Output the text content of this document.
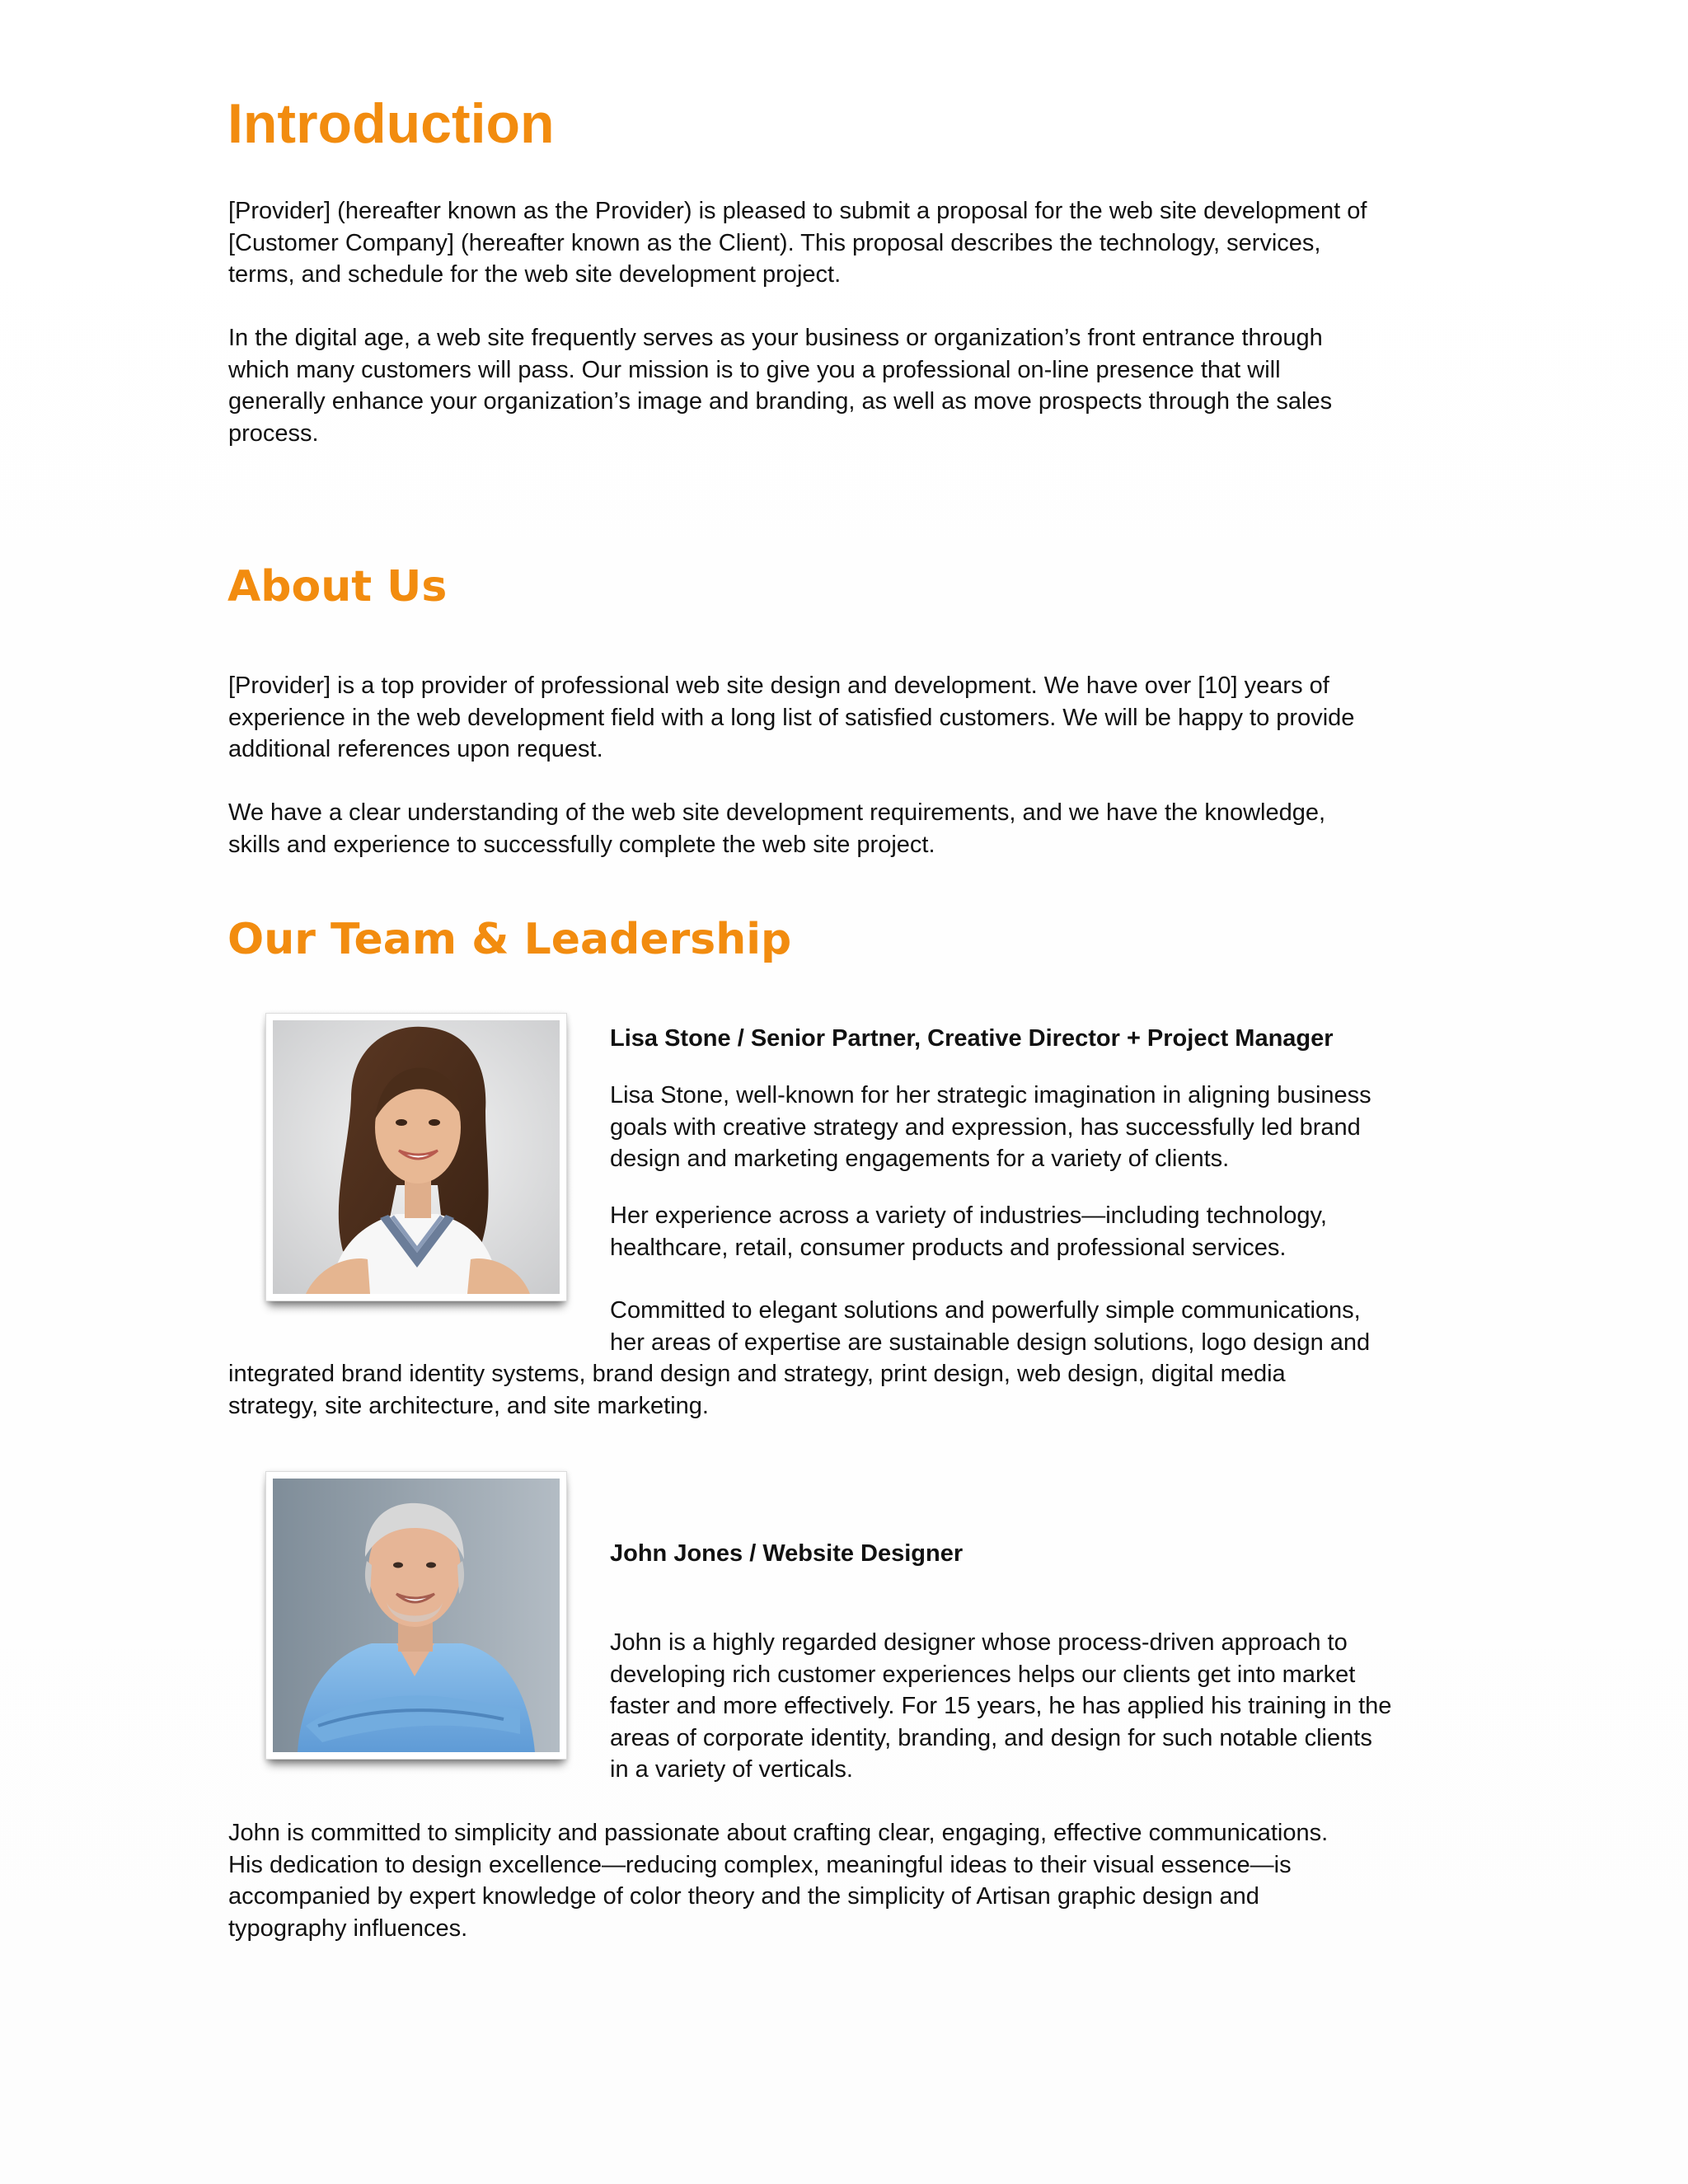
Introduction
[Provider] (hereafter known as the Provider) is pleased to submit a proposal for the web site development of
[Customer Company] (hereafter known as the Client). This proposal describes the technology, services,
terms, and schedule for the web site development project.
In the digital age, a web site frequently serves as your business or organization’s front entrance through
which many customers will pass. Our mission is to give you a professional on-line presence that will
generally enhance your organization’s image and branding, as well as move prospects through the sales
process.
About Us
[Provider] is a top provider of professional web site design and development. We have over [10] years of
experience in the web development field with a long list of satisfied customers. We will be happy to provide
additional references upon request.
We have a clear understanding of the web site development requirements, and we have the knowledge,
skills and experience to successfully complete the web site project.
Our Team & Leadership
Lisa Stone / Senior Partner, Creative Director + Project Manager
Lisa Stone, well-known for her strategic imagination in aligning business
goals with creative strategy and expression, has successfully led brand
design and marketing engagements for a variety of clients.
Her experience across a variety of industries—including technology,
healthcare, retail, consumer products and professional services.
Committed to elegant solutions and powerfully simple communications,
her areas of expertise are sustainable design solutions, logo design and
integrated brand identity systems, brand design and strategy, print design, web design, digital media
strategy, site architecture, and site marketing.
John Jones / Website Designer
John is a highly regarded designer whose process-driven approach to
developing rich customer experiences helps our clients get into market
faster and more effectively. For 15 years, he has applied his training in the
areas of corporate identity, branding, and design for such notable clients
in a variety of verticals.
John is committed to simplicity and passionate about crafting clear, engaging, effective communications.
His dedication to design excellence—reducing complex, meaningful ideas to their visual essence—is
accompanied by expert knowledge of color theory and the simplicity of Artisan graphic design and
typography influences.
